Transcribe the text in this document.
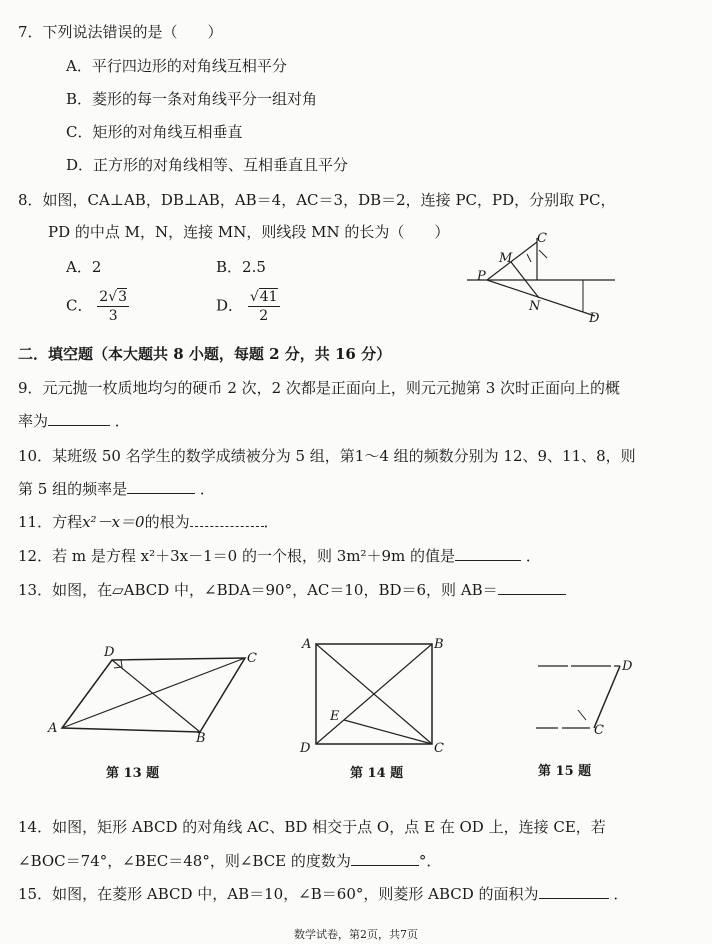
7．下列说法错误的是（　　）
A．平行四边形的对角线互相平分
B．菱形的每一条对角线平分一组对角
C．矩形的对角线互相垂直
D．正方形的对角线相等、互相垂直且平分
8．如图，CA⊥AB，DB⊥AB，AB＝4，AC＝3，DB＝2，连接 PC，PD，分别取 PC，
PD 的中点 M，N，连接 MN，则线段 MN 的长为（　　）
A．2	B．2.5
C． $\frac{2√3}{3}$	D． $\frac{√41}{2}$
C
M
P
N
D
二．填空题（本大题共 8 小题，每题 2 分，共 16 分）
9．元元抛一枚质地均匀的硬币 2 次，2 次都是正面向上，则元元抛第 3 次时正面向上的概
率为	．
10．某班级 50 名学生的数学成绩被分为 5 组，第1～4 组的频数分别为 12、9、11、8，则
第 5 组的频率是	．
11．方程x²－x＝0的根为	．
12．若 m 是方程 x²＋3x－1＝0 的一个根，则 3m²＋9m 的值是	．
13．如图，在▱ABCD 中，∠BDA＝90°，AC＝10，BD＝6，则 AB＝
D	C
A
B
第 13 题
A	B
D	C
E
第 14 题
D
C
第 15 题
14．如图，矩形 ABCD 的对角线 AC、BD 相交于点 O，点 E 在 OD 上，连接 CE，若
∠BOC＝74°，∠BEC＝48°，则∠BCE 的度数为	°．
15．如图，在菱形 ABCD 中，AB＝10，∠B＝60°，则菱形 ABCD 的面积为	．
数学试卷，第2页，共7页
